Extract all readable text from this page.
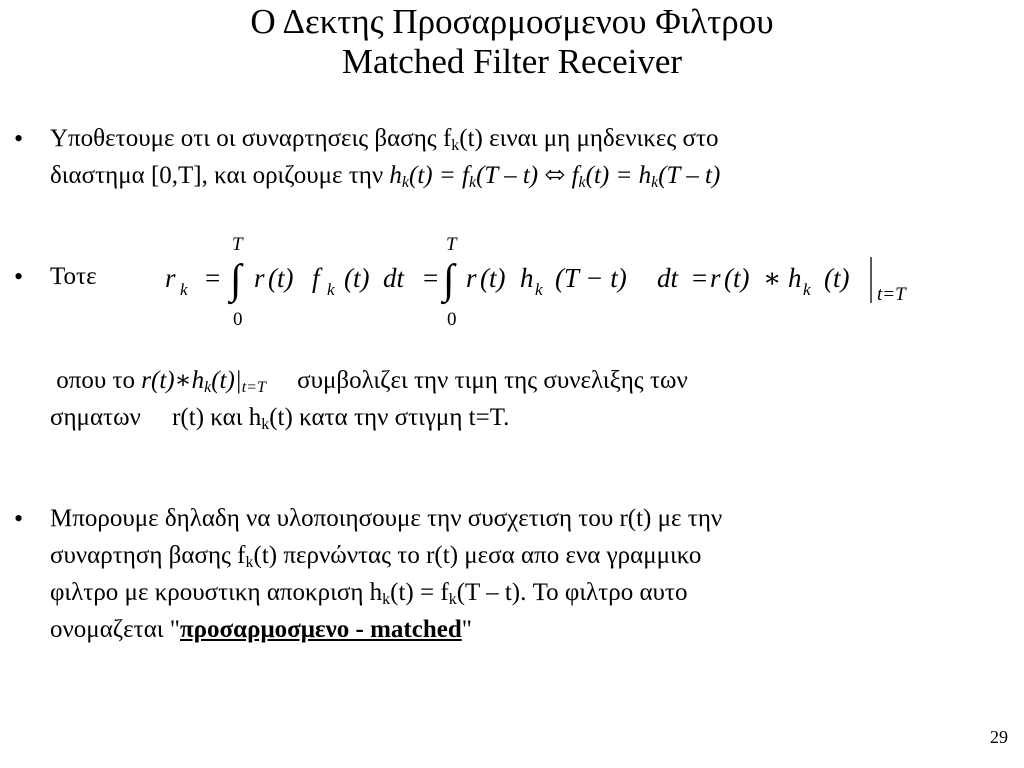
Ο Δεκτης Προσαρμοσμενου Φιλτρου
Matched Filter Receiver
• Υποθετουμε οτι οι συναρτησεις βασης $f_k(t)$ ειναι μη μηδενικες στο
διαστημα [0,T], και οριζουμε την $h_k(t) = f_k(T - t)$ ⬄ $f_k(t) = h_k(T - t)$
• Τοτε	r k = ∫
T
0
r (t) f k (t) dt = ∫
T
0
r (t) h k (T − t) dt = r (t) ∗ h k (t)
t=T
οπου το $r(t)∗h_k(t)|_{t=T}$     συμβολιζει την τιμη της συνελιξης των
σηματων     r(t) και $h_k(t)$ κατα την στιγμη t=T.
• Μπορουμε δηλαδη να υλοποιησουμε την συσχετιση του r(t) με την
συναρτηση βασης $f_k(t)$ περνώντας το r(t) μεσα απο ενα γραμμικο
φιλτρο με κρουστικη αποκριση $h_k(t) = f_k(T - t)$. Το φιλτρο αυτο
ονομαζεται "προσαρμοσμενο - matched"
29
